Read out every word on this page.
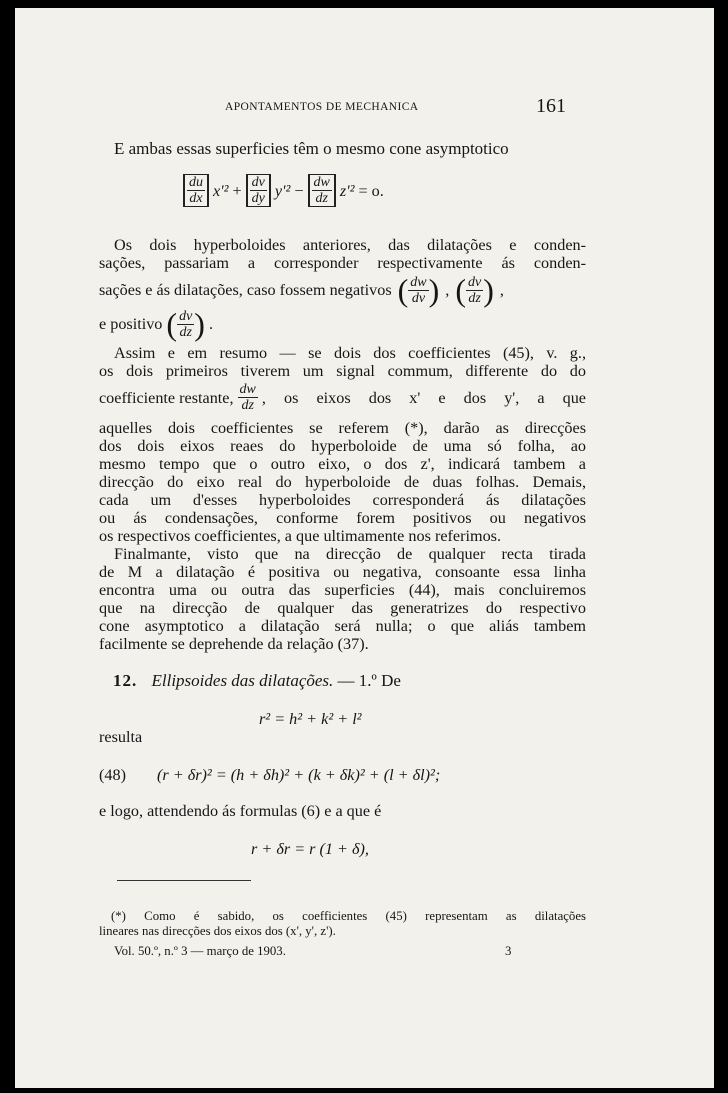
APONTAMENTOS DE MECHANICA	161
E ambas essas superficies têm o mesmo cone asymptotico
$\frac{du}{dx} x'^2 + \frac{dv}{dy} y'^2 - \frac{dw}{dz} z'^2 = o$.
Os dois hyperboloides anteriores, das dilatações e conden-
sações, passariam a corresponder respectivamente ás conden-
sações e ás dilatações, caso fossem negativos ( $\frac{dw}{dv}$ ) , ( $\frac{dv}{dz}$ ) ,
e positivo ( $\frac{dv}{dz}$ ) .
Assim e em resumo — se dois dos coefficientes (45), v. g.,
os dois primeiros tiverem um signal commum, differente do do
coefficiente restante, $\frac{dw}{dz}$ , os eixos dos x' e dos y', a que
aquelles dois coefficientes se referem (*), darão as direcções
dos dois eixos reaes do hyperboloide de uma só folha, ao
mesmo tempo que o outro eixo, o dos z', indicará tambem a
direcção do eixo real do hyperboloide de duas folhas. Demais,
cada um d'esses hyperboloides corresponderá ás dilatações
ou ás condensações, conforme forem positivos ou negativos
os respectivos coefficientes, a que ultimamente nos referimos.
Finalmante, visto que na direcção de qualquer recta tirada
de M a dilatação é positiva ou negativa, consoante essa linha
encontra uma ou outra das superficies (44), mais concluiremos
que na direcção de qualquer das generatrizes do respectivo
cone asymptotico a dilatação será nulla; o que aliás tambem
facilmente se deprehende da relação (37).
12. Ellipsoides das dilatações. — 1.º De
r² = h² + k² + l²
resulta
(48) (r + δr)² = (h + δh)² + (k + δk)² + (l + δl)²;
e logo, attendendo ás formulas (6) e a que é
r + δr = r (1 + δ),
(*) Como é sabido, os coefficientes (45) representam as dilatações
lineares nas direcções dos eixos dos (x', y', z').
Vol. 50.º, n.º 3 — março de 1903.	3
